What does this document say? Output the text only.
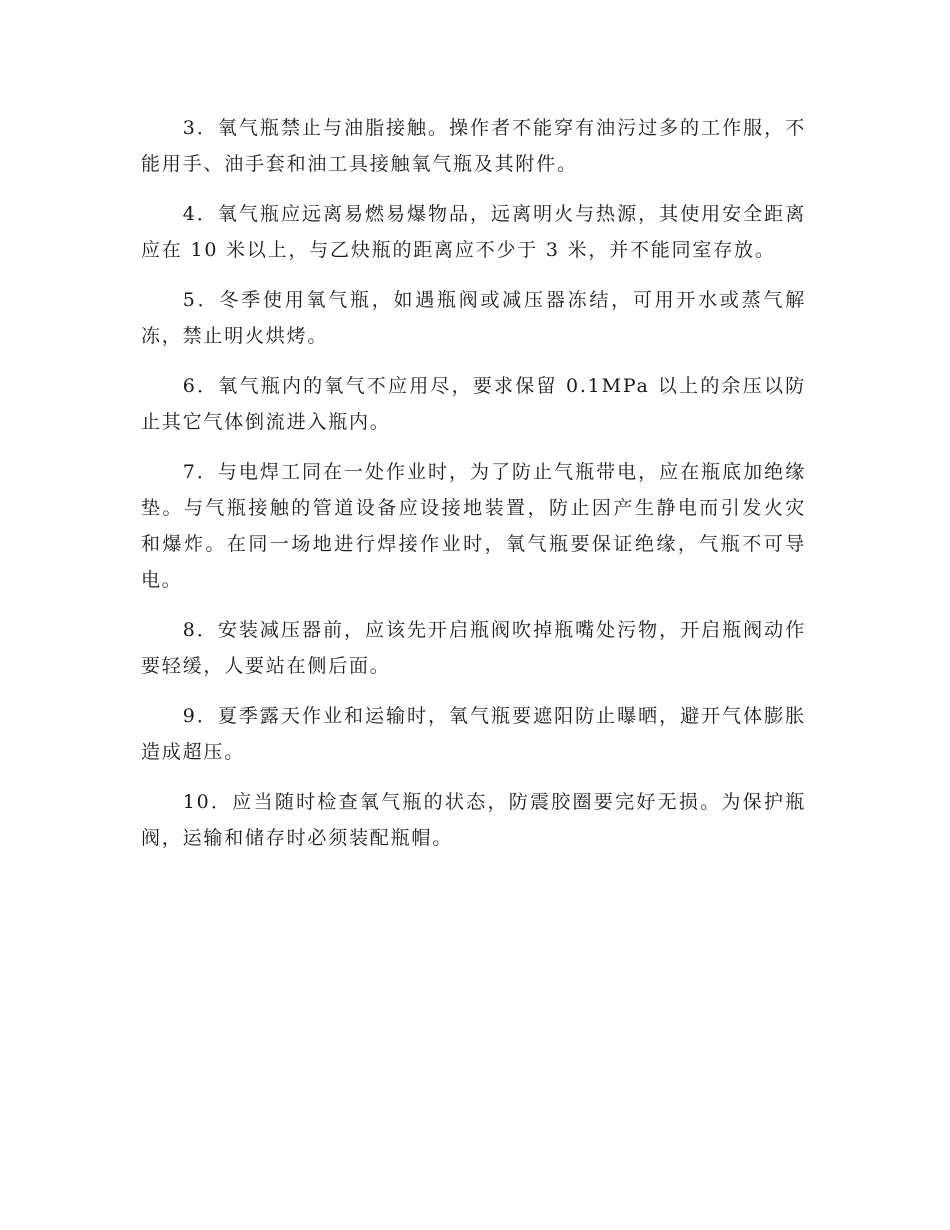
3．氧气瓶禁止与油脂接触。操作者不能穿有油污过多的工作服，不能用手、油手套和油工具接触氧气瓶及其附件。

4．氧气瓶应远离易燃易爆物品，远离明火与热源，其使用安全距离应在 10 米以上，与乙炔瓶的距离应不少于 3 米，并不能同室存放。

5．冬季使用氧气瓶，如遇瓶阀或减压器冻结，可用开水或蒸气解冻，禁止明火烘烤。

6．氧气瓶内的氧气不应用尽，要求保留 0.1MPa 以上的余压以防止其它气体倒流进入瓶内。

7．与电焊工同在一处作业时，为了防止气瓶带电，应在瓶底加绝缘垫。与气瓶接触的管道设备应设接地装置，防止因产生静电而引发火灾和爆炸。在同一场地进行焊接作业时，氧气瓶要保证绝缘，气瓶不可导电。

8．安装减压器前，应该先开启瓶阀吹掉瓶嘴处污物，开启瓶阀动作要轻缓，人要站在侧后面。

9．夏季露天作业和运输时，氧气瓶要遮阳防止曝晒，避开气体膨胀造成超压。

10．应当随时检查氧气瓶的状态，防震胶圈要完好无损。为保护瓶阀，运输和储存时必须装配瓶帽。
